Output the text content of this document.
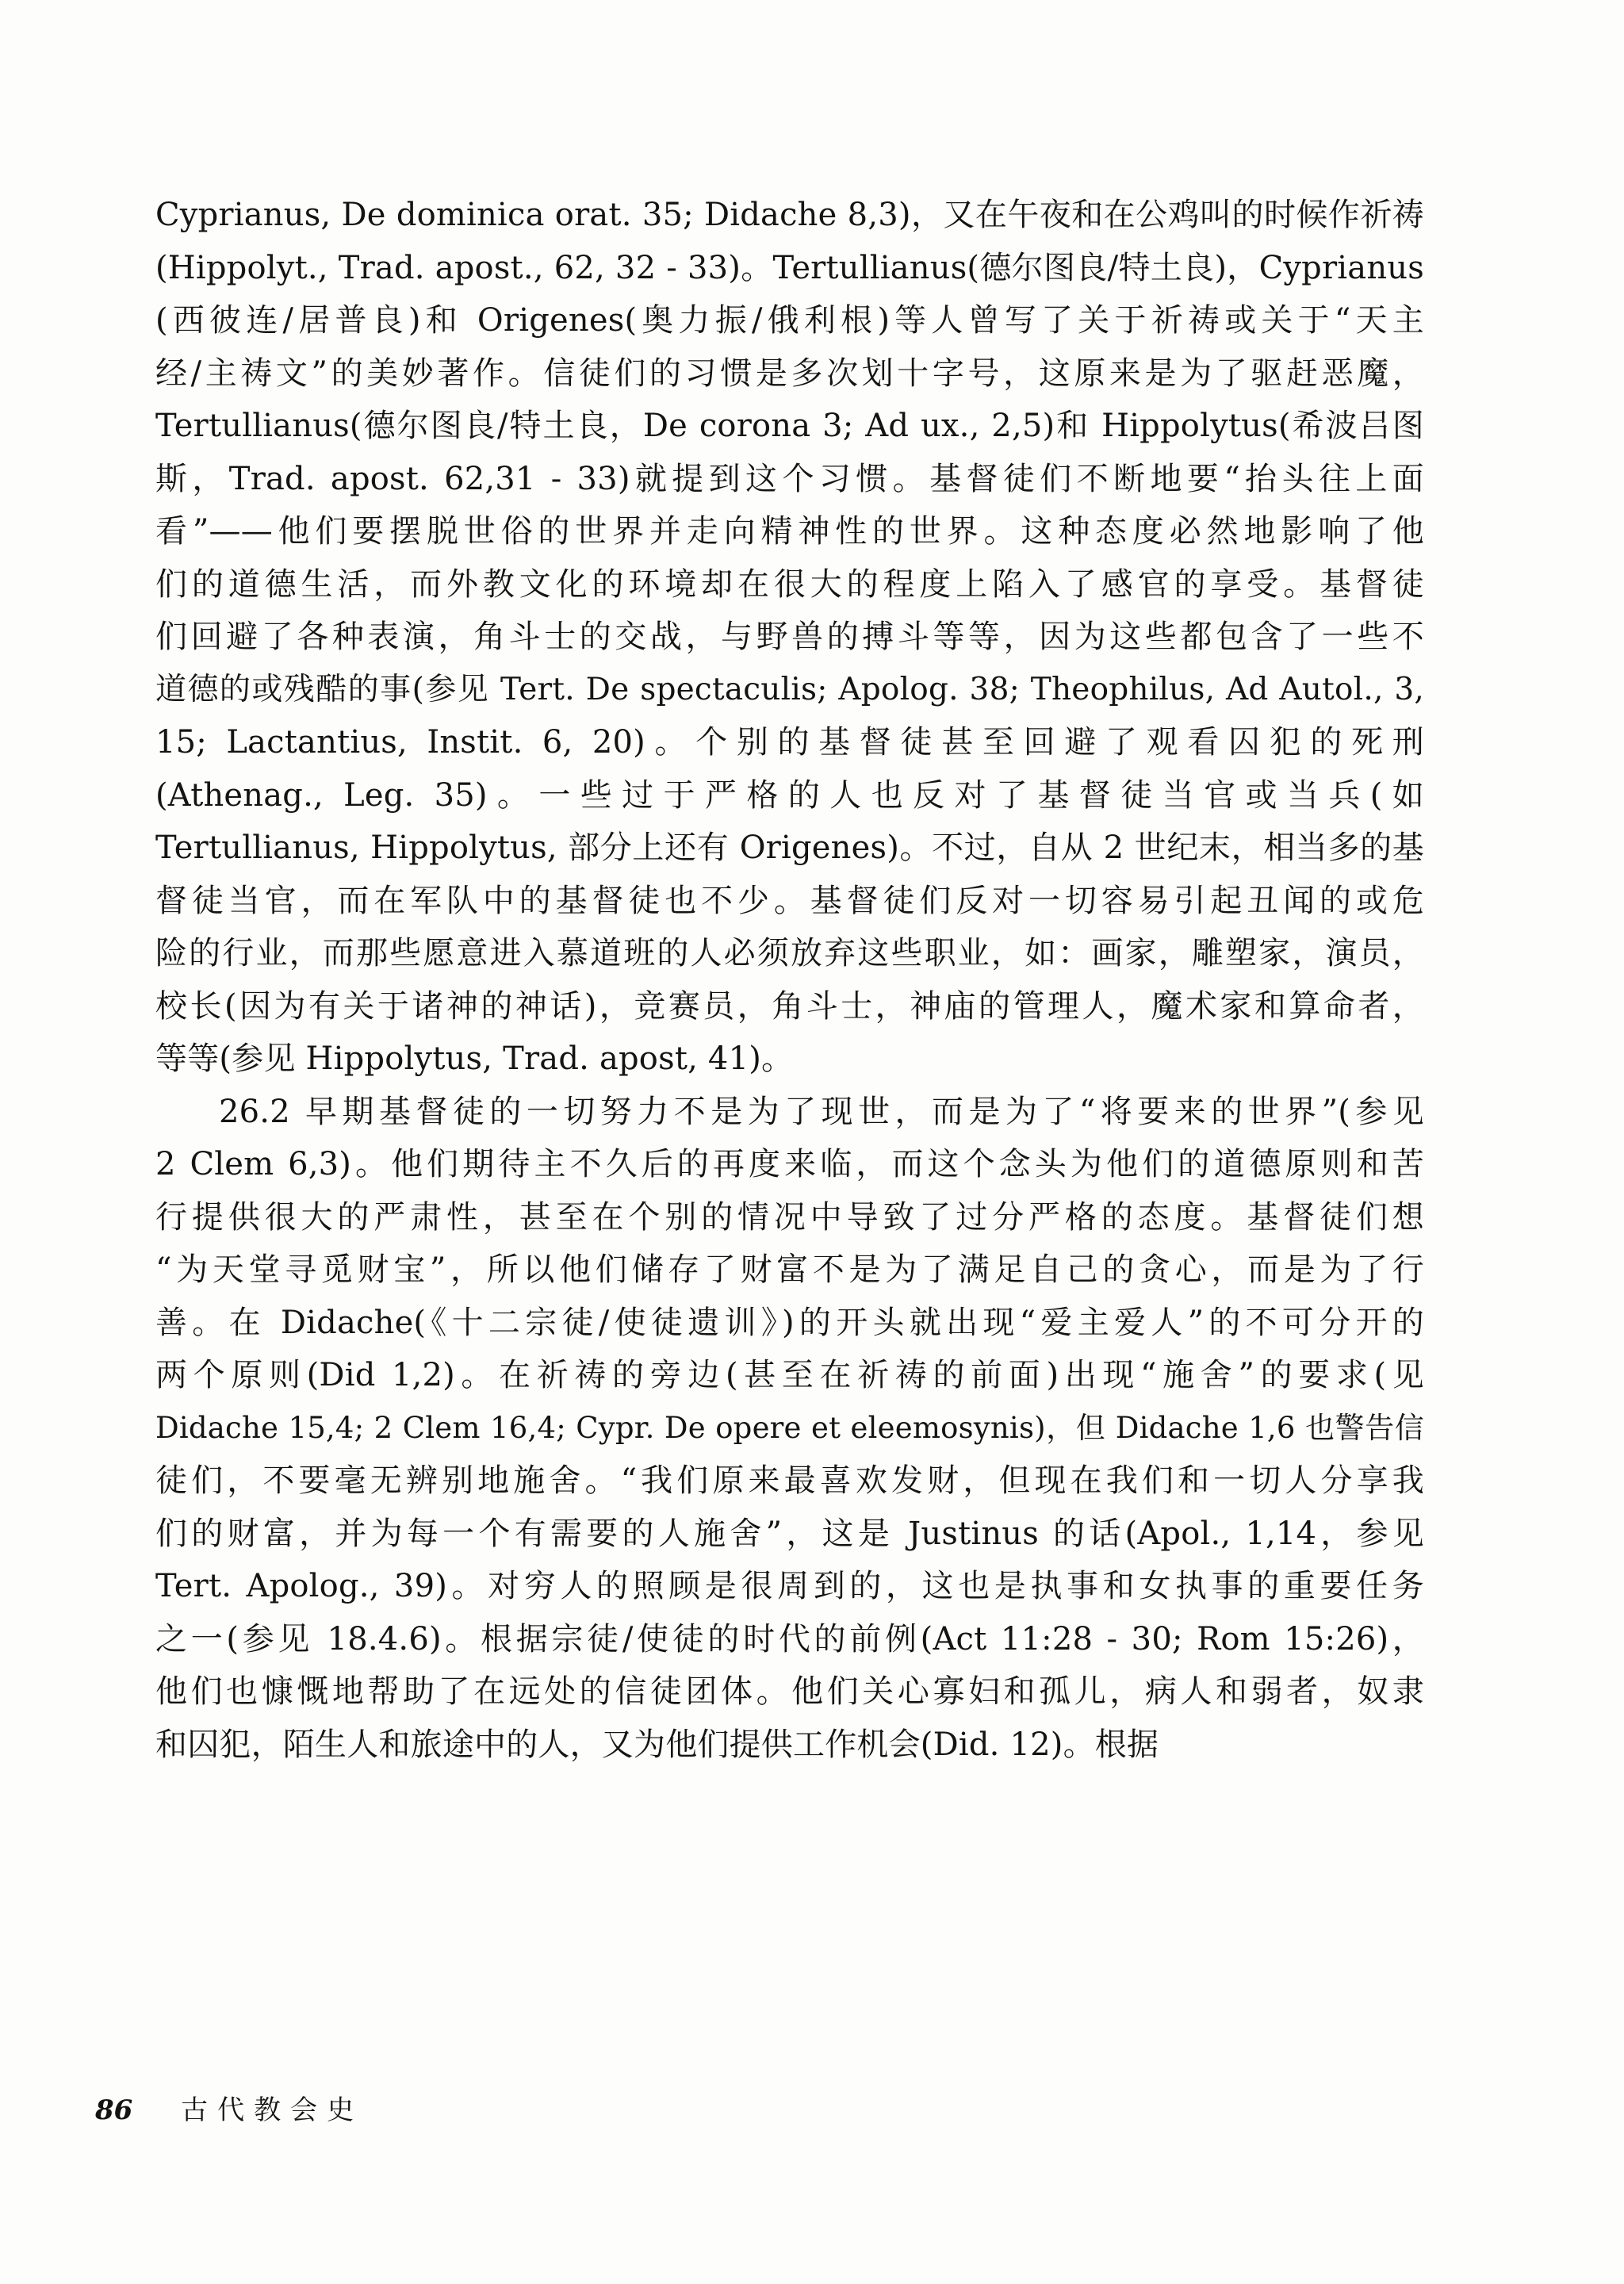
Cyprianus, De dominica orat. 35; Didache 8,3)，又在午夜和在公鸡叫的时候作祈祷
(Hippolyt., Trad. apost., 62, 32 - 33)。Tertullianus(德尔图良/特土良)，Cyprianus
(西彼连/居普良)和 Origenes(奥力振/俄利根)等人曾写了关于祈祷或关于“天主
经/主祷文”的美妙著作。信徒们的习惯是多次划十字号，这原来是为了驱赶恶魔，
Tertullianus(德尔图良/特土良，De corona 3; Ad ux., 2,5)和 Hippolytus(希波吕图
斯，Trad. apost. 62,31 - 33)就提到这个习惯。基督徒们不断地要“抬头往上面
看”——他们要摆脱世俗的世界并走向精神性的世界。这种态度必然地影响了他
们的道德生活，而外教文化的环境却在很大的程度上陷入了感官的享受。基督徒
们回避了各种表演，角斗士的交战，与野兽的搏斗等等，因为这些都包含了一些不
道德的或残酷的事(参见 Tert. De spectaculis; Apolog. 38; Theophilus, Ad Autol., 3,
15; Lactantius, Instit. 6, 20)。个别的基督徒甚至回避了观看囚犯的死刑
(Athenag., Leg. 35)。一些过于严格的人也反对了基督徒当官或当兵(如
Tertullianus, Hippolytus, 部分上还有 Origenes)。不过，自从 2 世纪末，相当多的基
督徒当官，而在军队中的基督徒也不少。基督徒们反对一切容易引起丑闻的或危
险的行业，而那些愿意进入慕道班的人必须放弃这些职业，如：画家，雕塑家，演员，
校长(因为有关于诸神的神话)，竞赛员，角斗士，神庙的管理人，魔术家和算命者，
等等(参见 Hippolytus, Trad. apost, 41)。
26.2 早期基督徒的一切努力不是为了现世，而是为了“将要来的世界”(参见
2 Clem 6,3)。他们期待主不久后的再度来临，而这个念头为他们的道德原则和苦
行提供很大的严肃性，甚至在个别的情况中导致了过分严格的态度。基督徒们想
“为天堂寻觅财宝”，所以他们储存了财富不是为了满足自己的贪心，而是为了行
善。在 Didache(《十二宗徒/使徒遗训》)的开头就出现“爱主爱人”的不可分开的
两个原则(Did 1,2)。在祈祷的旁边(甚至在祈祷的前面)出现“施舍”的要求(见
Didache 15,4; 2 Clem 16,4; Cypr. De opere et eleemosynis)，但 Didache 1,6 也警告信
徒们，不要毫无辨别地施舍。“我们原来最喜欢发财，但现在我们和一切人分享我
们的财富，并为每一个有需要的人施舍”，这是 Justinus 的话(Apol., 1,14，参见
Tert. Apolog., 39)。对穷人的照顾是很周到的，这也是执事和女执事的重要任务
之一(参见 18.4.6)。根据宗徒/使徒的时代的前例(Act 11:28 - 30; Rom 15:26)，
他们也慷慨地帮助了在远处的信徒团体。他们关心寡妇和孤儿，病人和弱者，奴隶
和囚犯，陌生人和旅途中的人，又为他们提供工作机会(Did. 12)。根据
86 古代教会史
